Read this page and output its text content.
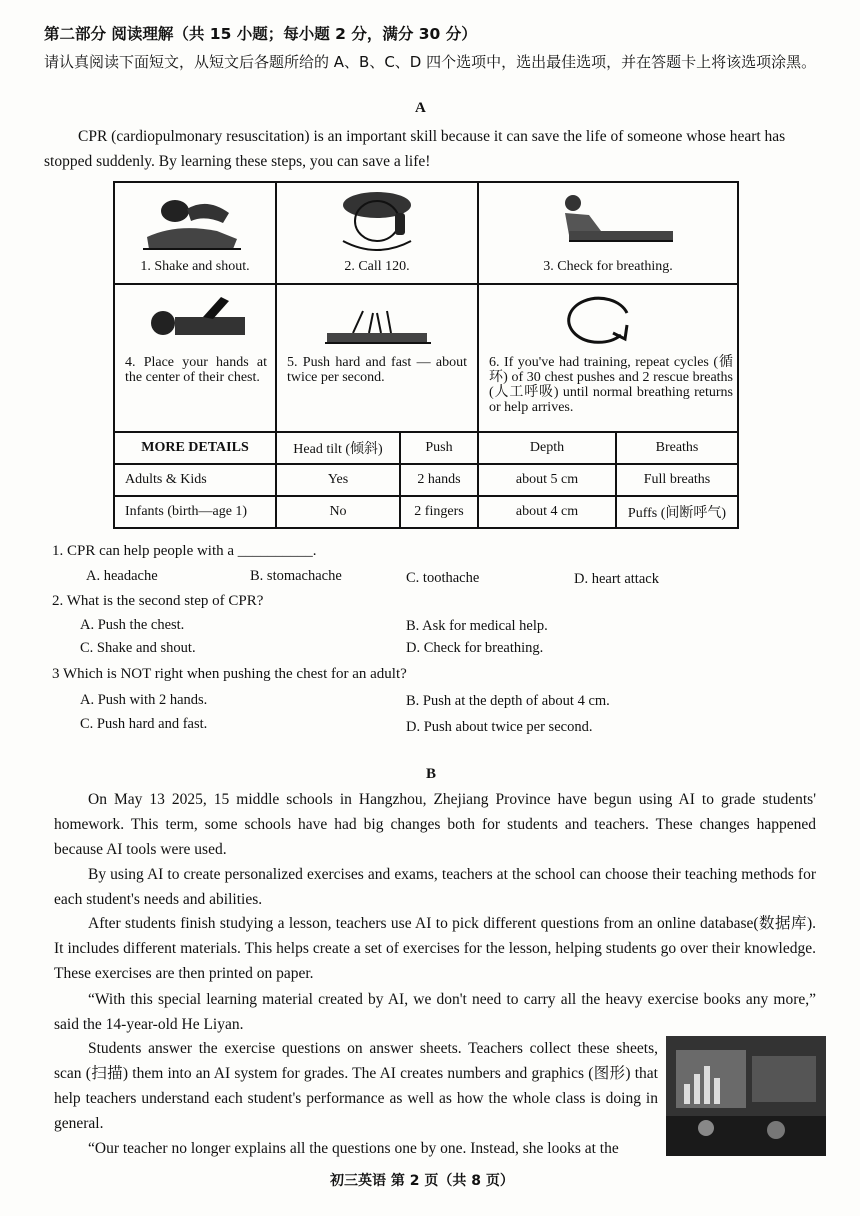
第二部分 阅读理解（共 15 小题；每小题 2 分，满分 30 分）
请认真阅读下面短文，从短文后各题所给的 A、B、C、D 四个选项中，选出最佳选项，并在答题卡上将该选项涂黑。
A
CPR (cardiopulmonary resuscitation) is an important skill because it can save the life of someone whose heart has stopped suddenly. By learning these steps, you can save a life!
1. Shake and shout.	2. Call 120.		3. Check for breathing.	

4. Place your hands at the center of their chest.	5. Push hard and fast — about twice per second.		6. If you've had training, repeat cycles (循环) of 30 chest pushes and 2 rescue breaths (人工呼吸) until normal breathing returns or help arrives.	

MORE DETAILS	Head tilt (倾斜)	Push	Depth	Breaths
Adults & Kids	Yes	2 hands	about 5 cm	Full breaths
Infants (birth—age 1)	No	2 fingers	about 4 cm	Puffs (间断呼气)
1. CPR can help people with a __________.
A. headache	B. stomachache	C. toothache	D. heart attack
2. What is the second step of CPR?
A. Push the chest.	B. Ask for medical help.
C. Shake and shout.	D. Check for breathing.
3 Which is NOT right when pushing the chest for an adult?
A. Push with 2 hands.	B. Push at the depth of about 4 cm.
C. Push hard and fast.	D. Push about twice per second.
B
On May 13 2025, 15 middle schools in Hangzhou, Zhejiang Province have begun using AI to grade students' homework. This term, some schools have had big changes both for students and teachers. These changes happened because AI tools were used.
By using AI to create personalized exercises and exams, teachers at the school can choose their teaching methods for each student's needs and abilities.
After students finish studying a lesson, teachers use AI to pick different questions from an online database(数据库). It includes different materials. This helps create a set of exercises for the lesson, helping students go over their knowledge. These exercises are then printed on paper.
“With this special learning material created by AI, we don't need to carry all the heavy exercise books any more,” said the 14-year-old He Liyan.
Students answer the exercise questions on answer sheets. Teachers collect these sheets, scan (扫描) them into an AI system for grades. The AI creates numbers and graphics (图形) that help teachers understand each student's performance as well as how the whole class is doing in general.
“Our teacher no longer explains all the questions one by one. Instead, she looks at the
初三英语 第 2 页（共 8 页）
